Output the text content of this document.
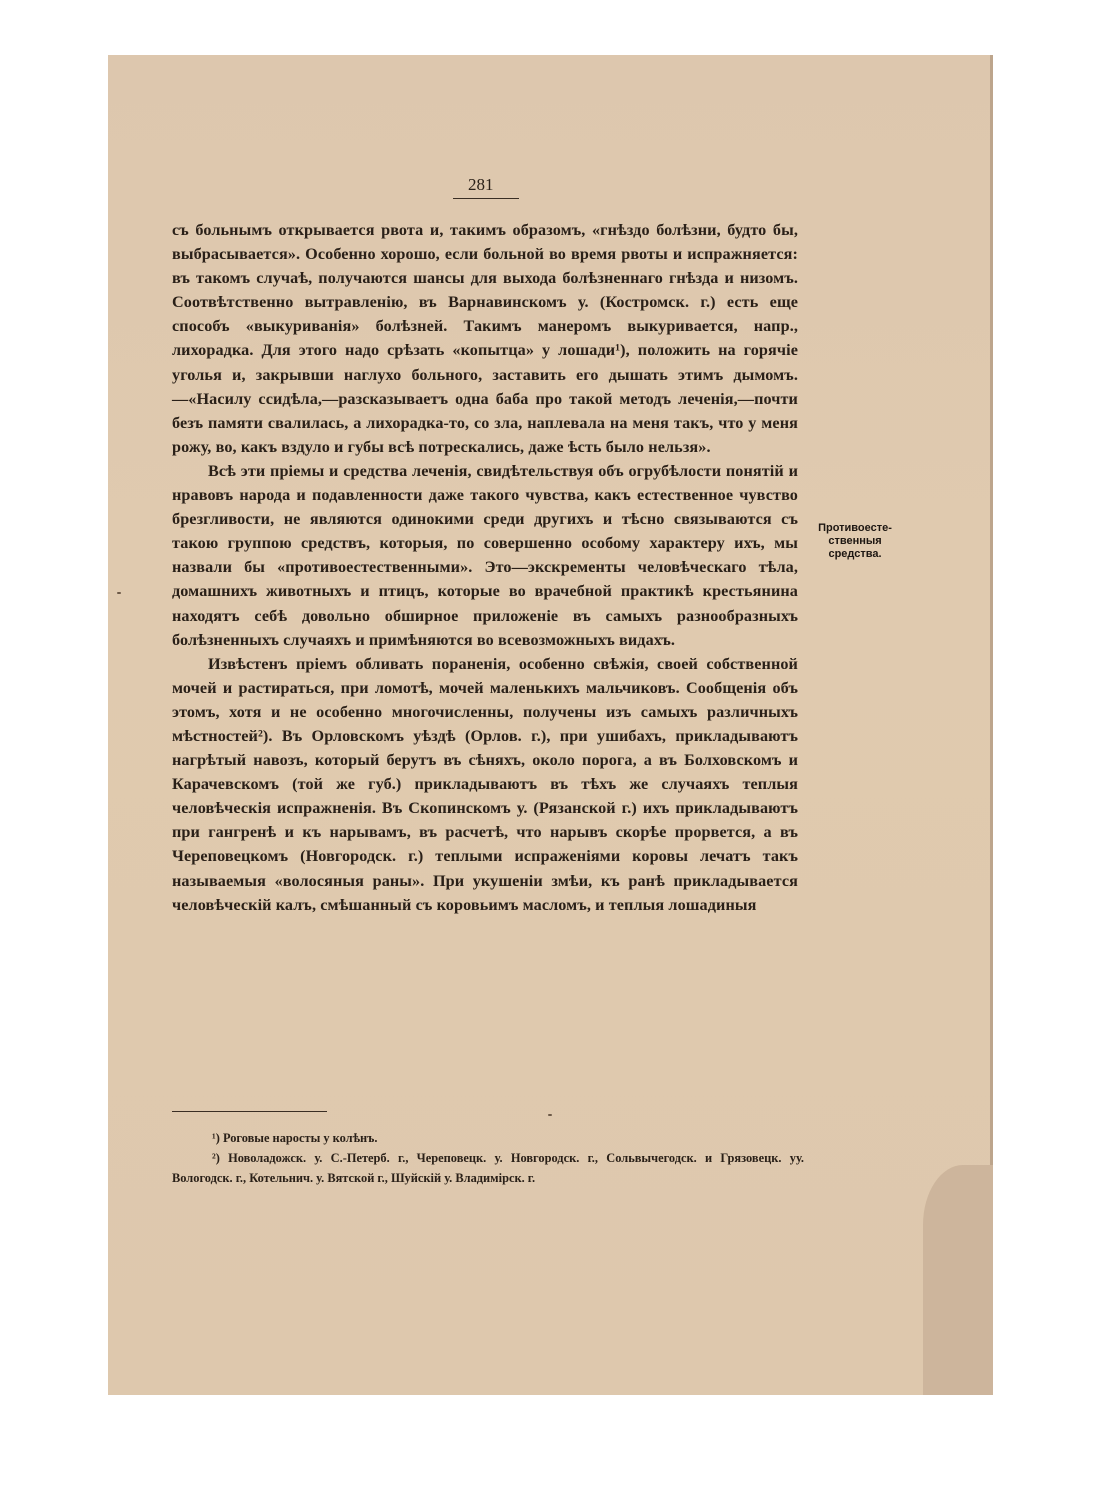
281

съ больнымъ открывается рвота и, такимъ образомъ, «гнѣздо болѣзни, будто бы, выбрасывается». Особенно хорошо, если больной во время рвоты и испражняется: въ такомъ случаѣ, получаются шансы для выхода болѣзненнаго гнѣзда и низомъ. Соотвѣтственно вытравленію, въ Варнавинскомъ у. (Костромск. г.) есть еще способъ «выкуриванія» болѣзней. Такимъ манеромъ выкуривается, напр., лихорадка. Для этого надо срѣзать «копытца» у лошади¹), положить на горячіе уголья и, закрывши наглухо больного, заставить его дышать этимъ дымомъ.—«Насилу ссидѣла,—разсказываетъ одна баба про такой методъ леченія,—почти безъ памяти свалилась, а лихорадка-то, со зла, наплевала на меня такъ, что у меня рожу, во, какъ вздуло и губы всѣ потрескались, даже ѣсть было нельзя».

Всѣ эти пріемы и средства леченія, свидѣтельствуя объ огрубѣлости понятій и нравовъ народа и подавленности даже такого чувства, какъ естественное чувство брезгливости, не являются одинокими среди другихъ и тѣсно связываются съ такою группою средствъ, которыя, по совершенно особому характеру ихъ, мы назвали бы «противоестественными». Это—экскременты человѣческаго тѣла, домашнихъ животныхъ и птицъ, которые во врачебной практикѣ крестьянина находятъ себѣ довольно обширное приложеніе въ самыхъ разнообразныхъ болѣзненныхъ случаяхъ и примѣняются во всевозможныхъ видахъ.

Извѣстенъ пріемъ обливать пораненія, особенно свѣжія, своей собственной мочей и растираться, при ломотѣ, мочей маленькихъ мальчиковъ. Сообщенія объ этомъ, хотя и не особенно многочисленны, получены изъ самыхъ различныхъ мѣстностей²). Въ Орловскомъ уѣздѣ (Орлов. г.), при ушибахъ, прикладываютъ нагрѣтый навозъ, который берутъ въ сѣняхъ, около порога, а въ Болховскомъ и Карачевскомъ (той же губ.) прикладываютъ въ тѣхъ же случаяхъ теплыя человѣческія испражненія. Въ Скопинскомъ у. (Рязанской г.) ихъ прикладываютъ при гангренѣ и къ нарывамъ, въ расчетѣ, что нарывъ скорѣе прорвется, а въ Череповецкомъ (Новгородск. г.) теплыми испраженіями коровы лечатъ такъ называемыя «волосяныя раны». При укушеніи змѣи, къ ранѣ прикладывается человѣческій калъ, смѣшанный съ коровьимъ масломъ, и теплыя лошадиныя

Противоесте-
ственныя
средства.

¹) Роговые наросты у колѣнъ.

²) Новоладожск. у. С.-Петерб. г., Череповецк. у. Новгородск. г., Сольвычегодск. и Грязовецк. уу. Вологодск. г., Котельнич. у. Вятской г., Шуйскій у. Владимірск. г.
